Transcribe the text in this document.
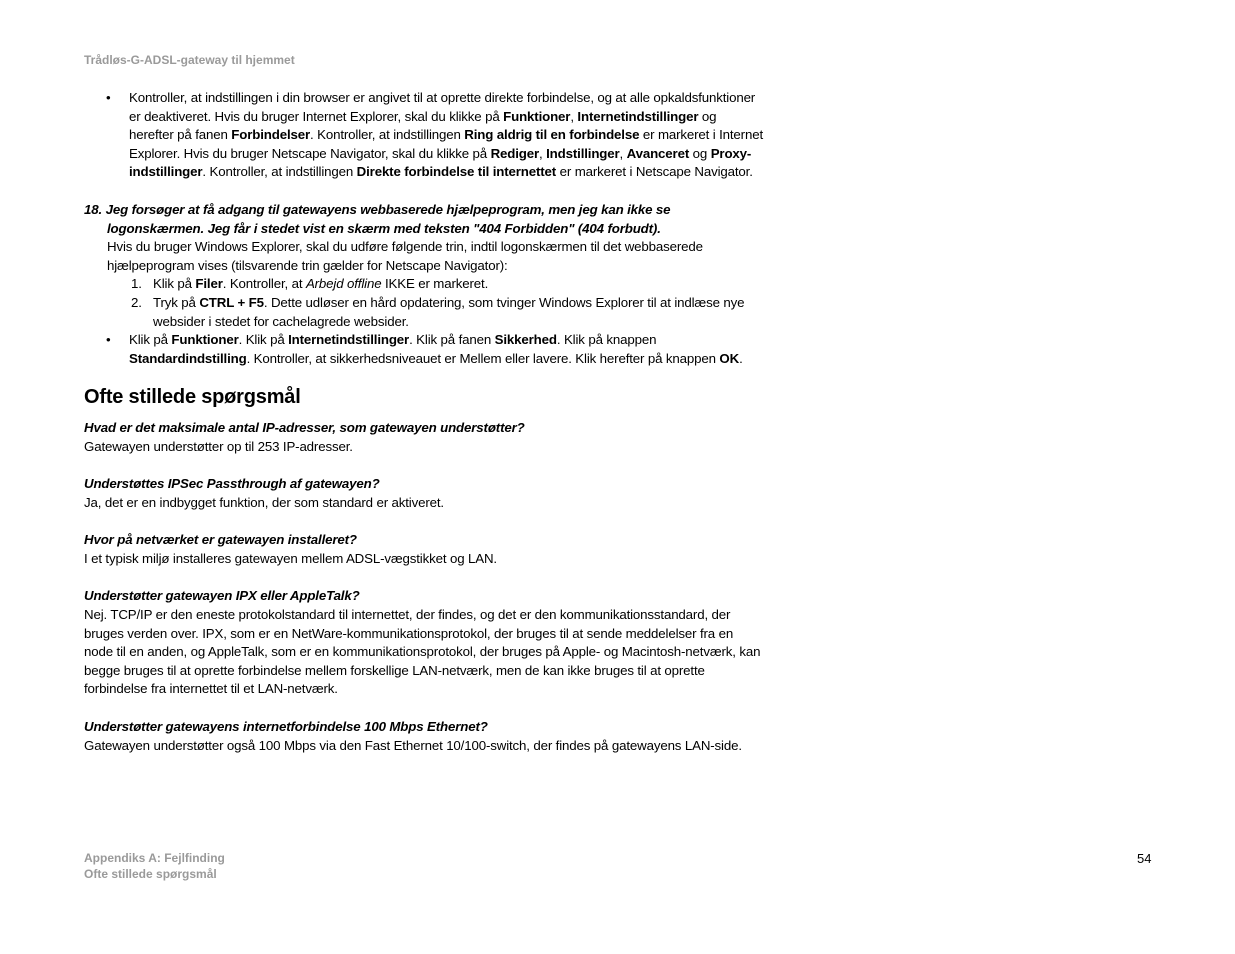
Trådløs-G-ADSL-gateway til hjemmet

• Kontroller, at indstillingen i din browser er angivet til at oprette direkte forbindelse, og at alle opkaldsfunktioner er deaktiveret. Hvis du bruger Internet Explorer, skal du klikke på Funktioner, Internetindstillinger og herefter på fanen Forbindelser. Kontroller, at indstillingen Ring aldrig til en forbindelse er markeret i Internet Explorer. Hvis du bruger Netscape Navigator, skal du klikke på Rediger, Indstillinger, Avanceret og Proxy-indstillinger. Kontroller, at indstillingen Direkte forbindelse til internettet er markeret i Netscape Navigator.

18. Jeg forsøger at få adgang til gatewayens webbaserede hjælpeprogram, men jeg kan ikke se logonskærmen. Jeg får i stedet vist en skærm med teksten "404 Forbidden" (404 forbudt).
Hvis du bruger Windows Explorer, skal du udføre følgende trin, indtil logonskærmen til det webbaserede hjælpeprogram vises (tilsvarende trin gælder for Netscape Navigator):
1. Klik på Filer. Kontroller, at Arbejd offline IKKE er markeret.
2. Tryk på CTRL + F5. Dette udløser en hård opdatering, som tvinger Windows Explorer til at indlæse nye websider i stedet for cachelagrede websider.

• Klik på Funktioner. Klik på Internetindstillinger. Klik på fanen Sikkerhed. Klik på knappen Standardindstilling. Kontroller, at sikkerhedsniveauet er Mellem eller lavere. Klik herefter på knappen OK.

Ofte stillede spørgsmål
Hvad er det maksimale antal IP-adresser, som gatewayen understøtter?
Gatewayen understøtter op til 253 IP-adresser.
Understøttes IPSec Passthrough af gatewayen?
Ja, det er en indbygget funktion, der som standard er aktiveret.
Hvor på netværket er gatewayen installeret?
I et typisk miljø installeres gatewayen mellem ADSL-vægstikket og LAN.
Understøtter gatewayen IPX eller AppleTalk?
Nej. TCP/IP er den eneste protokolstandard til internettet, der findes, og det er den kommunikationsstandard, der bruges verden over. IPX, som er en NetWare-kommunikationsprotokol, der bruges til at sende meddelelser fra en node til en anden, og AppleTalk, som er en kommunikationsprotokol, der bruges på Apple- og Macintosh-netværk, kan begge bruges til at oprette forbindelse mellem forskellige LAN-netværk, men de kan ikke bruges til at oprette forbindelse fra internettet til et LAN-netværk.
Understøtter gatewayens internetforbindelse 100 Mbps Ethernet?
Gatewayen understøtter også 100 Mbps via den Fast Ethernet 10/100-switch, der findes på gatewayens LAN-side.
Appendiks A: Fejlfinding
Ofte stillede spørgsmål
54
